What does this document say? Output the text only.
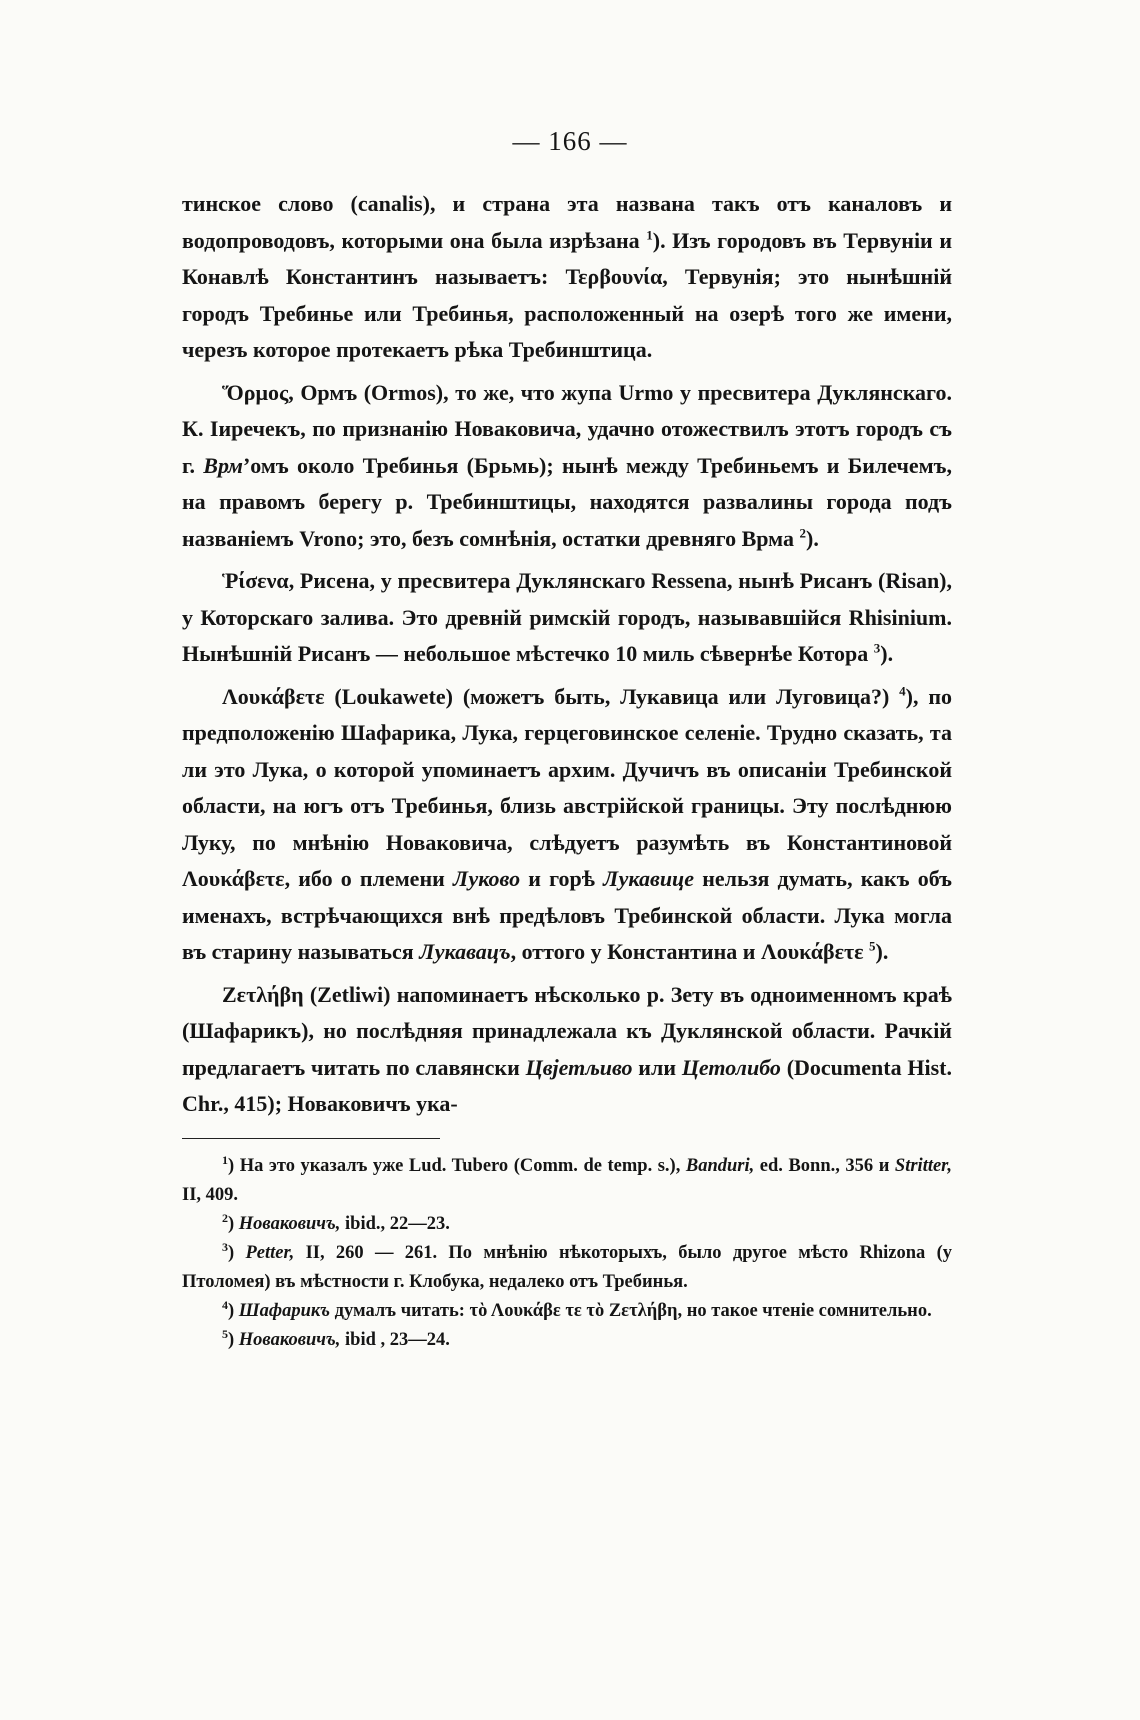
— 166 —

тинское слово (canalis), и страна эта названа такъ отъ каналовъ и водопроводовъ, которыми она была изрѣзана $^1$). Изъ городовъ въ Тервуніи и Конавлѣ Константинъ называетъ: Τερβουνία, Тервунія; это нынѣшній городъ Требинье или Требинья, расположенный на озерѣ того же имени, черезъ которое протекаетъ рѣка Требинштица.

Ὅρμος, Ормъ (Ormos), то же, что жупа Urmo у пресвитера Дуклянскаго. К. Іиречекъ, по признанію Новаковича, удачно отожествилъ этотъ городъ съ г. Врм’омъ около Требинья (Брьмь); нынѣ между Требиньемъ и Билечемъ, на правомъ берегу р. Требинштицы, находятся развалины города подъ названіемъ Vrono; это, безъ сомнѣнія, остатки древняго Врма $^2$).

Ῥίσενα, Рисена, у пресвитера Дуклянскаго Ressena, нынѣ Рисанъ (Risan), у Которскаго залива. Это древній римскій городъ, называвшійся Rhisinium. Нынѣшній Рисанъ — небольшое мѣстечко 10 миль сѣвернѣе Котора $^3$).

Λουκάβετε (Loukawete) (можетъ быть, Лукавица или Луговица?) $^4$), по предположенію Шафарика, Лука, герцеговинское селеніе. Трудно сказать, та ли это Лука, о которой упоминаетъ архим. Дучичъ въ описаніи Требинской области, на югъ отъ Требинья, близь австрійской границы. Эту послѣднюю Луку, по мнѣнію Новаковича, слѣдуетъ разумѣть въ Константиновой Λουκάβετε, ибо о племени Луково и горѣ Лукавице нельзя думать, какъ объ именахъ, встрѣчающихся внѣ предѣловъ Требинской области. Лука могла въ старину называться Лукавацъ, оттого у Константина и Λουκάβετε $^5$).

Ζετλήβη (Zetliwi) напоминаетъ нѣсколько р. Зету въ одноименномъ краѣ (Шафарикъ), но послѣдняя принадлежала къ Дуклянской области. Рачкій предлагаетъ читать по славянски Цвјетљиво или Цетолибо (Documenta Hist. Chr., 415); Новаковичъ ука-

$^1$) На это указалъ уже Lud. Tubero (Comm. de temp. s.), Banduri, ed. Bonn., 356 и Stritter, II, 409.

$^2$) Новаковичъ, ibid., 22—23.

$^3$) Petter, II, 260 — 261. По мнѣнію нѣкоторыхъ, было другое мѣсто Rhizona (у Птоломея) въ мѣстности г. Клобука, недалеко отъ Требинья.

$^4$) Шафарикъ думалъ читать: τὸ Λουκάβε τε τὸ Ζετλήβη, но такое чтеніе сомнительно.

$^5$) Новаковичъ, ibid , 23—24.
